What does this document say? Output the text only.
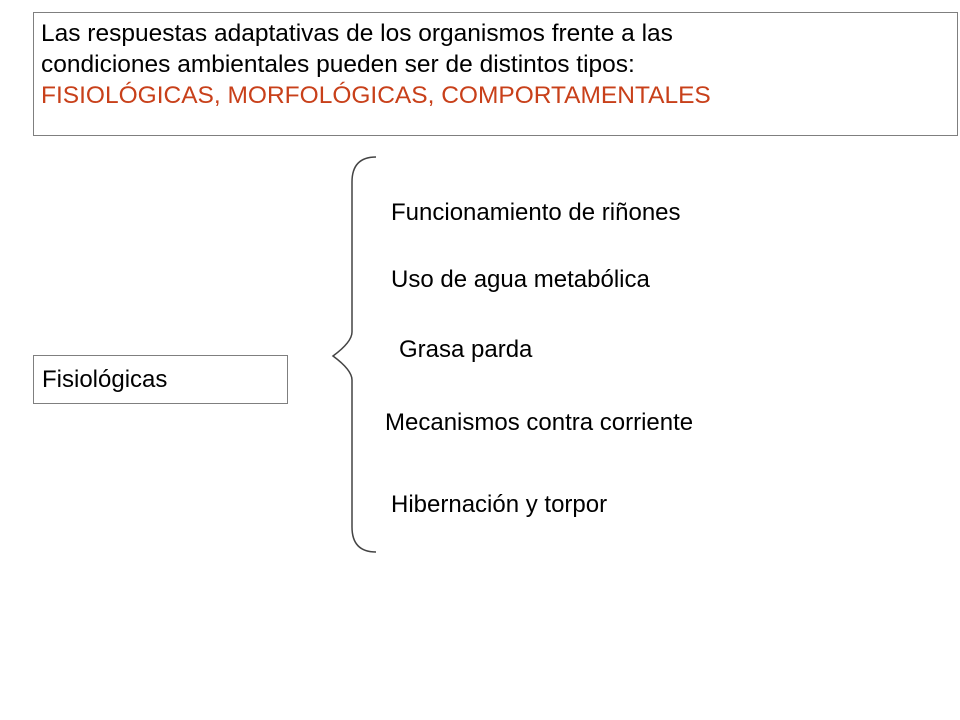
Las respuestas adaptativas de los organismos frente a las
condiciones ambientales pueden ser de distintos tipos:
FISIOLÓGICAS, MORFOLÓGICAS, COMPORTAMENTALES
Fisiológicas
Funcionamiento de riñones
Uso de agua metabólica
Grasa parda
Mecanismos contra corriente
Hibernación y torpor
